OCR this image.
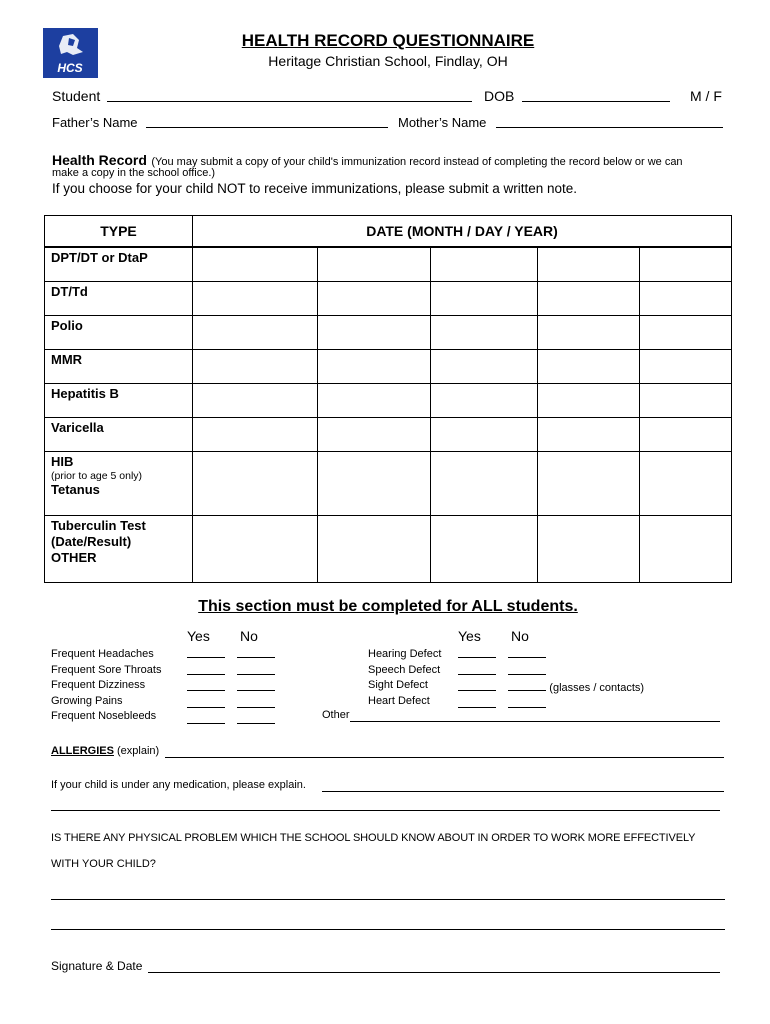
HCS
HEALTH RECORD QUESTIONNAIRE
Heritage Christian School, Findlay, OH
Student	DOB	M / F
Father’s Name	Mother’s Name
Health Record (You may submit a copy of your child's immunization record instead of completing the record below or we can
make a copy in the school office.)
If you choose for your child NOT to receive immunizations, please submit a written note.
TYPE	DATE (MONTH / DAY / YEAR)				
DPT/DT or DtaP					
DT/Td					
Polio					
MMR					
Hepatitis B					
Varicella					
HIB
(prior to age 5 only)
Tetanus					

Tuberculin Test
(Date/Result)
OTHER					

This section must be completed for ALL students.
Yes No	Yes No
Frequent Headaches
Frequent Sore Throats
Frequent Dizziness
Growing Pains
Frequent Nosebleeds

Hearing Defect
Speech Defect
Sight Defect
Heart Defect

(glasses / contacts)

Other
ALLERGIES (explain)
If your child is under any medication, please explain.
IS THERE ANY PHYSICAL PROBLEM WHICH THE SCHOOL SHOULD KNOW ABOUT IN ORDER TO WORK MORE EFFECTIVELY
WITH YOUR CHILD?
Signature & Date
